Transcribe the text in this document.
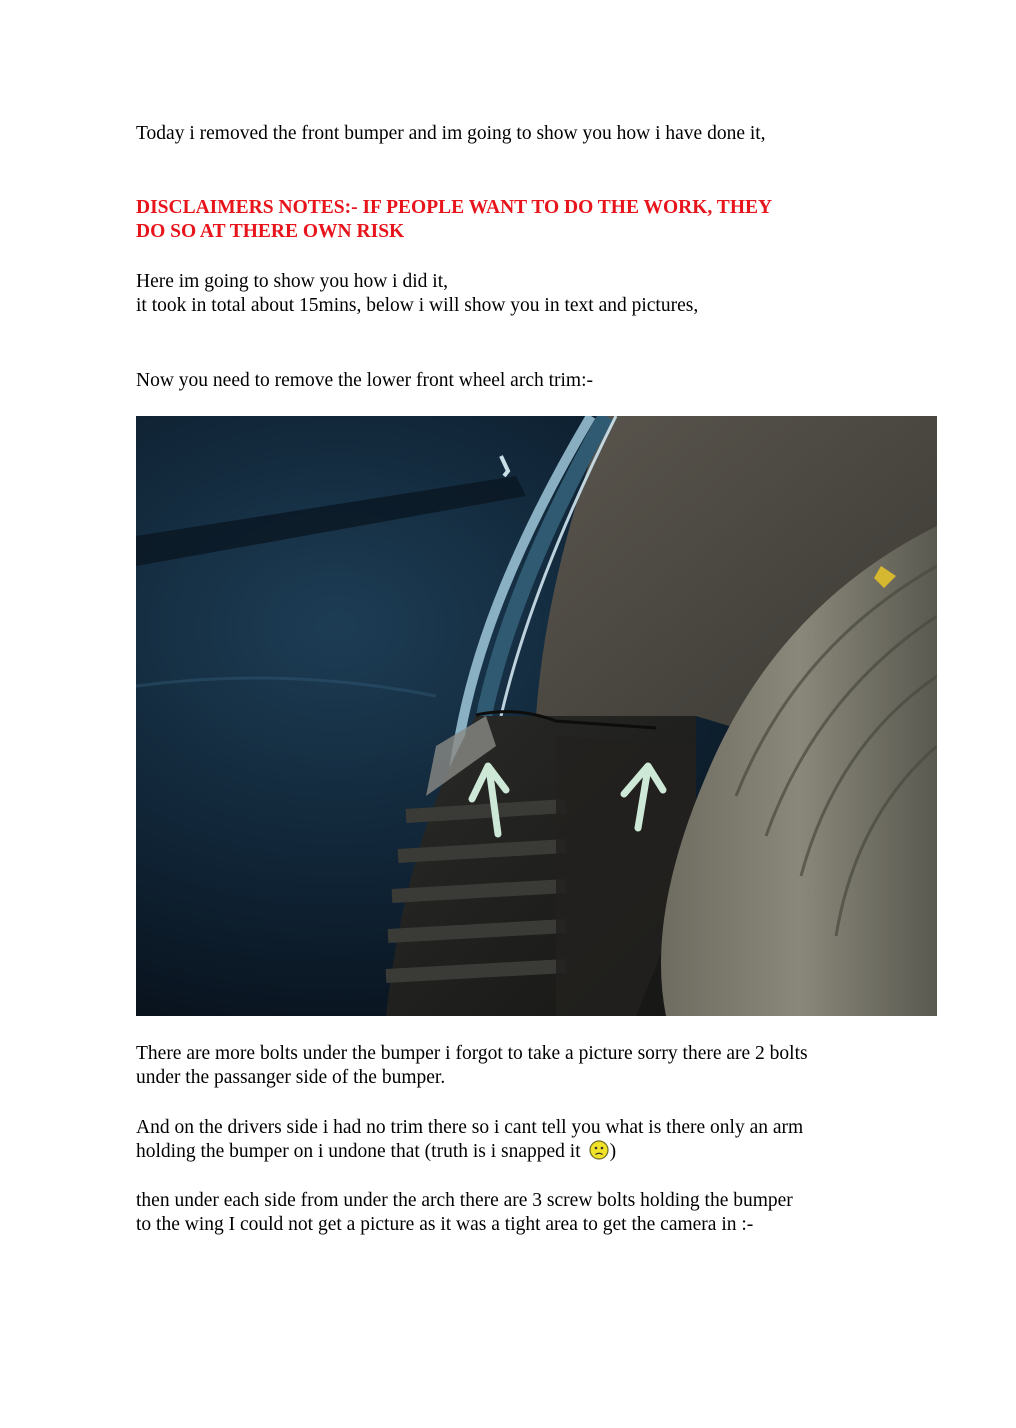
Today i removed the front bumper and im going to show you how i have done it,

DISCLAIMERS NOTES:- IF PEOPLE WANT TO DO THE WORK, THEY
DO SO AT THERE OWN RISK

Here im going to show you how i did it,
it took in total about 15mins, below i will show you in text and pictures,

Now you need to remove the lower front wheel arch trim:-

There are more bolts under the bumper i forgot to take a picture sorry there are 2 bolts
under the passanger side of the bumper.

And on the drivers side i had no trim there so i cant tell you what is there only an arm
holding the bumper on i undone that (truth is i snapped it )

then under each side from under the arch there are 3 screw bolts holding the bumper
to the wing I could not get a picture as it was a tight area to get the camera in :-
